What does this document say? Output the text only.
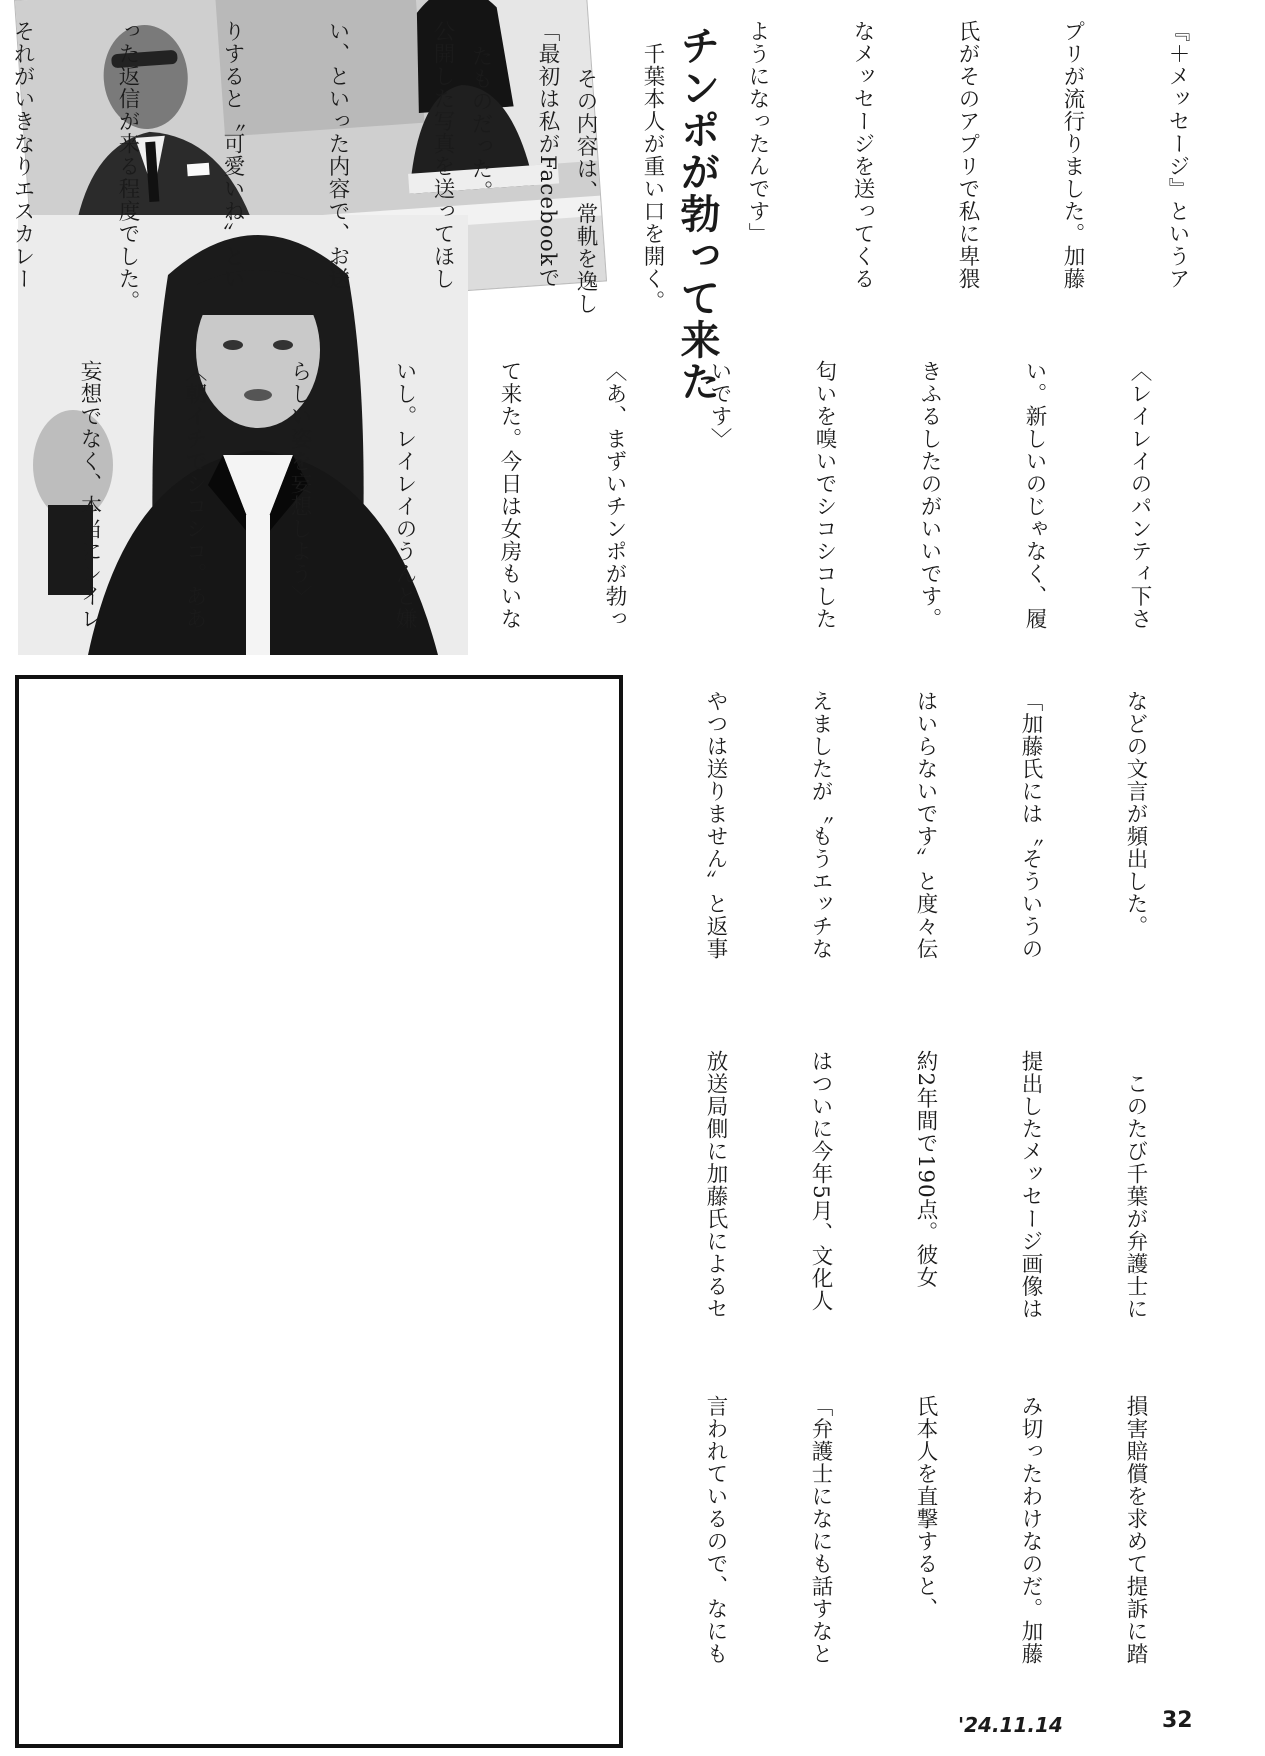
チンポが勃って来た

	『＋メッセージ』というア

プリが流行りました。加藤

氏がそのアプリで私に卑猥

なメッセージを送ってくる

ようになったんです」

　千葉本人が重い口を開く。

「最初は私がFacebookで

公開した写真を送ってほし

い、といった内容で、お送

りすると〝可愛いね〟とい

った返信が来る程度でした。

それがいきなりエスカレー

	　その内容は、常軌を逸し

たものだった。

〈レイレイのパンティ下さ

い。新しいのじゃなく、履

きふるしたのがいいです。

匂いを嗅いでシコシコした

いです〉

〈あ、まずいチンポが勃っ

て来た。今日は女房もいな

いし。レイレイのうんと嫌

らしい姿を妄想しよう〉

〈朝イチでシコシコ。ああ

妄想でなく、本当にレイレ

などの文言が頻出した。

「加藤氏には〝そういうの

はいらないです〟と度々伝

えましたが〝もうエッチな

やつは送りません〟と返事

　このたび千葉が弁護士に

提出したメッセージ画像は

約2年間で190点。彼女

はついに今年5月、文化人

放送局側に加藤氏によるセ

損害賠償を求めて提訴に踏

み切ったわけなのだ。加藤

氏本人を直撃すると、

「弁護士になにも話すなと

言われているので、なにも

'24.11.14	32
